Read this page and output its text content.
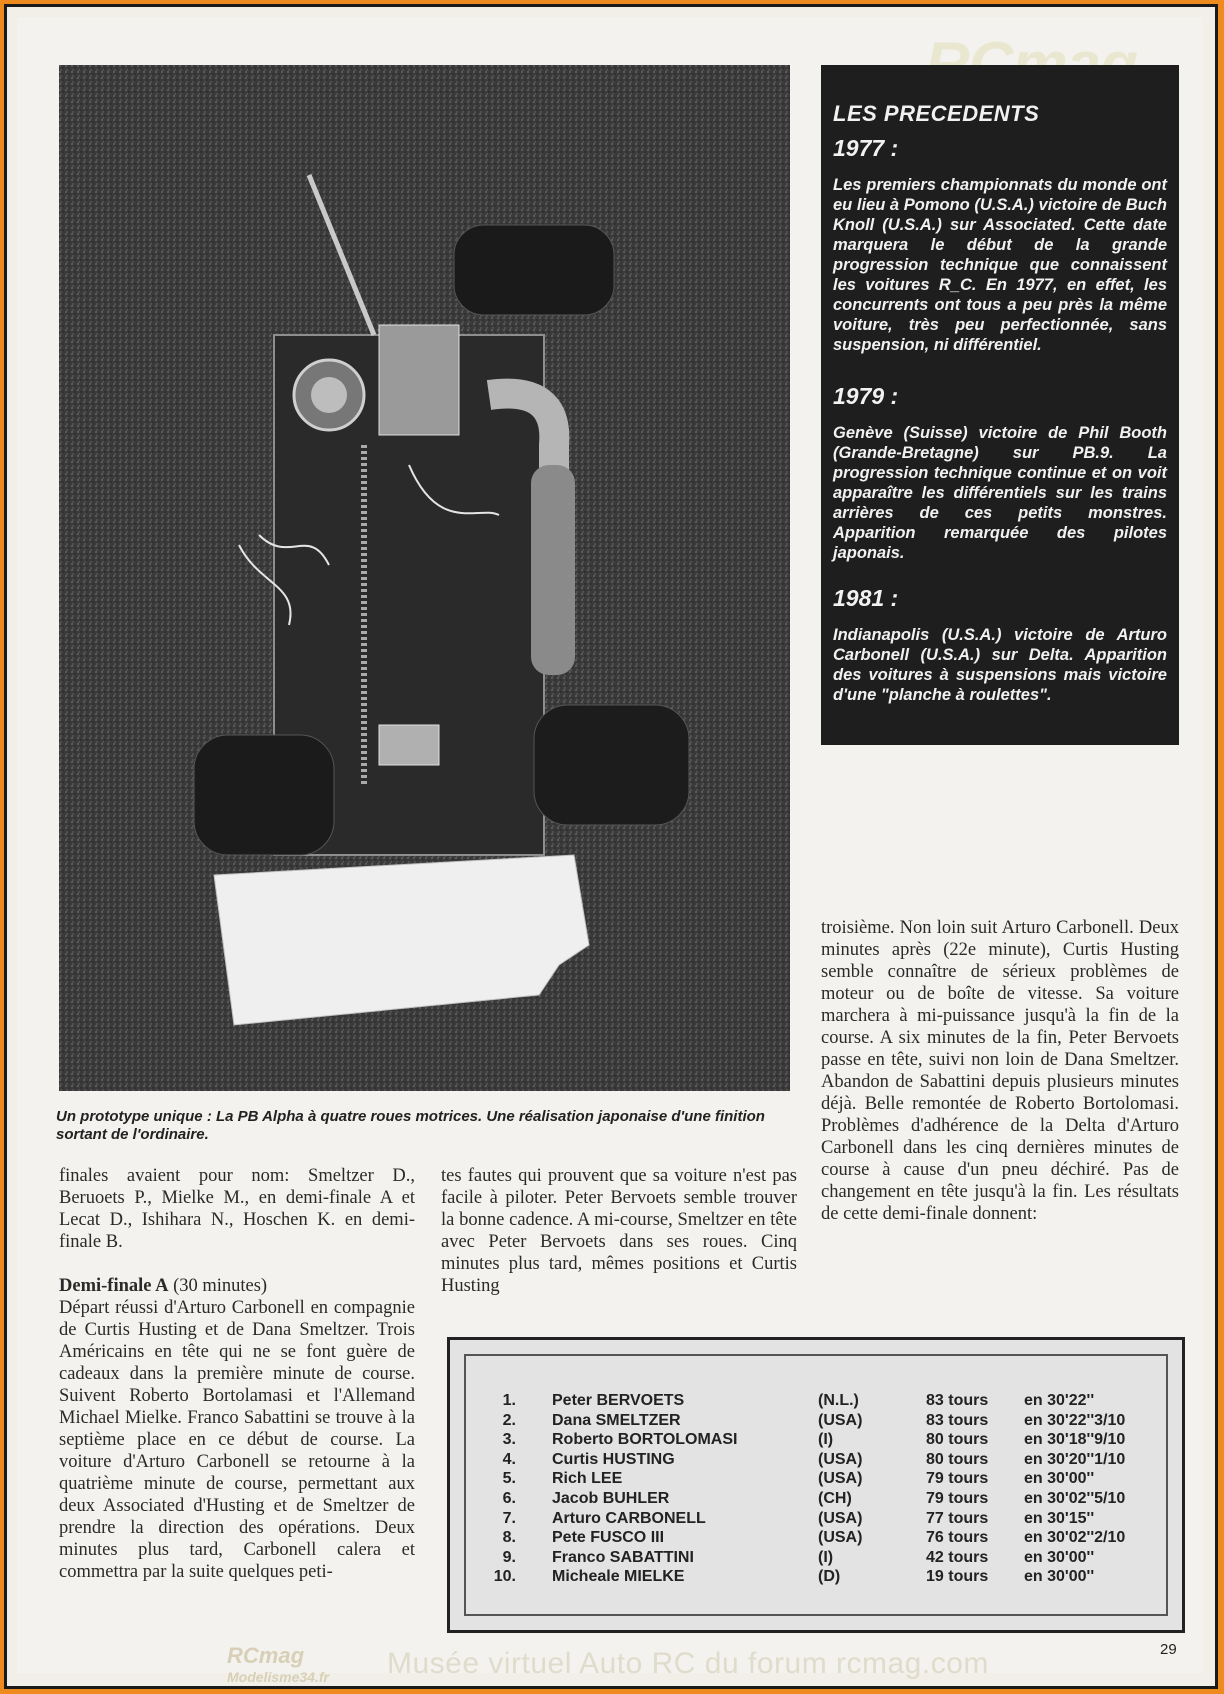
Un prototype unique : La PB Alpha à quatre roues motrices. Une réalisation japonaise d'une finition sortant de l'ordinaire.
LES PRECEDENTS
1977 :
Les premiers championnats du monde ont eu lieu à Pomono (U.S.A.) victoire de Buch Knoll (U.S.A.) sur Associated. Cette date marquera le début de la grande progression technique que connaissent les voitures R_C. En 1977, en effet, les concurrents ont tous a peu près la même voiture, très peu perfectionnée, sans suspension, ni différentiel.
1979 :
Genève (Suisse) victoire de Phil Booth (Grande-Bretagne) sur PB.9. La progression technique continue et on voit apparaître les différentiels sur les trains arrières de ces petits monstres. Apparition remarquée des pilotes japonais.
1981 :
Indianapolis (U.S.A.) victoire de Arturo Carbonell (U.S.A.) sur Delta. Apparition des voitures à suspensions mais victoire d'une "planche à roulettes".

troisième. Non loin suit Arturo Carbonell. Deux minutes après (22e minute), Curtis Husting semble connaître de sérieux problèmes de moteur ou de boîte de vitesse. Sa voiture marchera à mi-puissance jusqu'à la fin de la course. A six minutes de la fin, Peter Bervoets passe en tête, suivi non loin de Dana Smeltzer. Abandon de Sabattini depuis plusieurs minutes déjà. Belle remontée de Roberto Bortolomasi. Problèmes d'adhérence de la Delta d'Arturo Carbonell dans les cinq dernières minutes de course à cause d'un pneu déchiré. Pas de changement en tête jusqu'à la fin. Les résultats de cette demi-finale donnent:

finales avaient pour nom: Smeltzer D., Beruoets P., Mielke M., en demi-finale A et Lecat D., Ishihara N., Hoschen K. en demi-finale B.

Demi-finale A (30 minutes)

Départ réussi d'Arturo Carbonell en compagnie de Curtis Husting et de Dana Smeltzer. Trois Américains en tête qui ne se font guère de cadeaux dans la première minute de course. Suivent Roberto Bortolamasi et l'Allemand Michael Mielke. Franco Sabattini se trouve à la septième place en ce début de course. La voiture d'Arturo Carbonell se retourne à la quatrième minute de course, permettant aux deux Associated d'Husting et de Smeltzer de prendre la direction des opérations. Deux minutes plus tard, Carbonell calera et commettra par la suite quelques peti-

tes fautes qui prouvent que sa voiture n'est pas facile à piloter. Peter Bervoets semble trouver la bonne cadence. A mi-course, Smeltzer en tête avec Peter Bervoets dans ses roues. Cinq minutes plus tard, mêmes positions et Curtis Husting

1. Peter BERVOETS	(N.L.)	83 tours en 30'22''
2. Dana SMELTZER	(USA)	83 tours en 30'22''3/10
3. Roberto BORTOLOMASI	(I)	80 tours en 30'18''9/10
4. Curtis HUSTING	(USA)	80 tours en 30'20''1/10
5. Rich LEE	(USA)	79 tours en 30'00''
6. Jacob BUHLER	(CH)	79 tours en 30'02''5/10
7. Arturo CARBONELL	(USA)	77 tours en 30'15''
8. Pete FUSCO III	(USA)	76 tours en 30'02''2/10
9. Franco SABATTINI	(I)	42 tours en 30'00''
10. Micheale MIELKE	(D)	19 tours en 30'00''
29
RCmag
Modelisme34.fr Musée virtuel Auto RC du forum rcmag.com
